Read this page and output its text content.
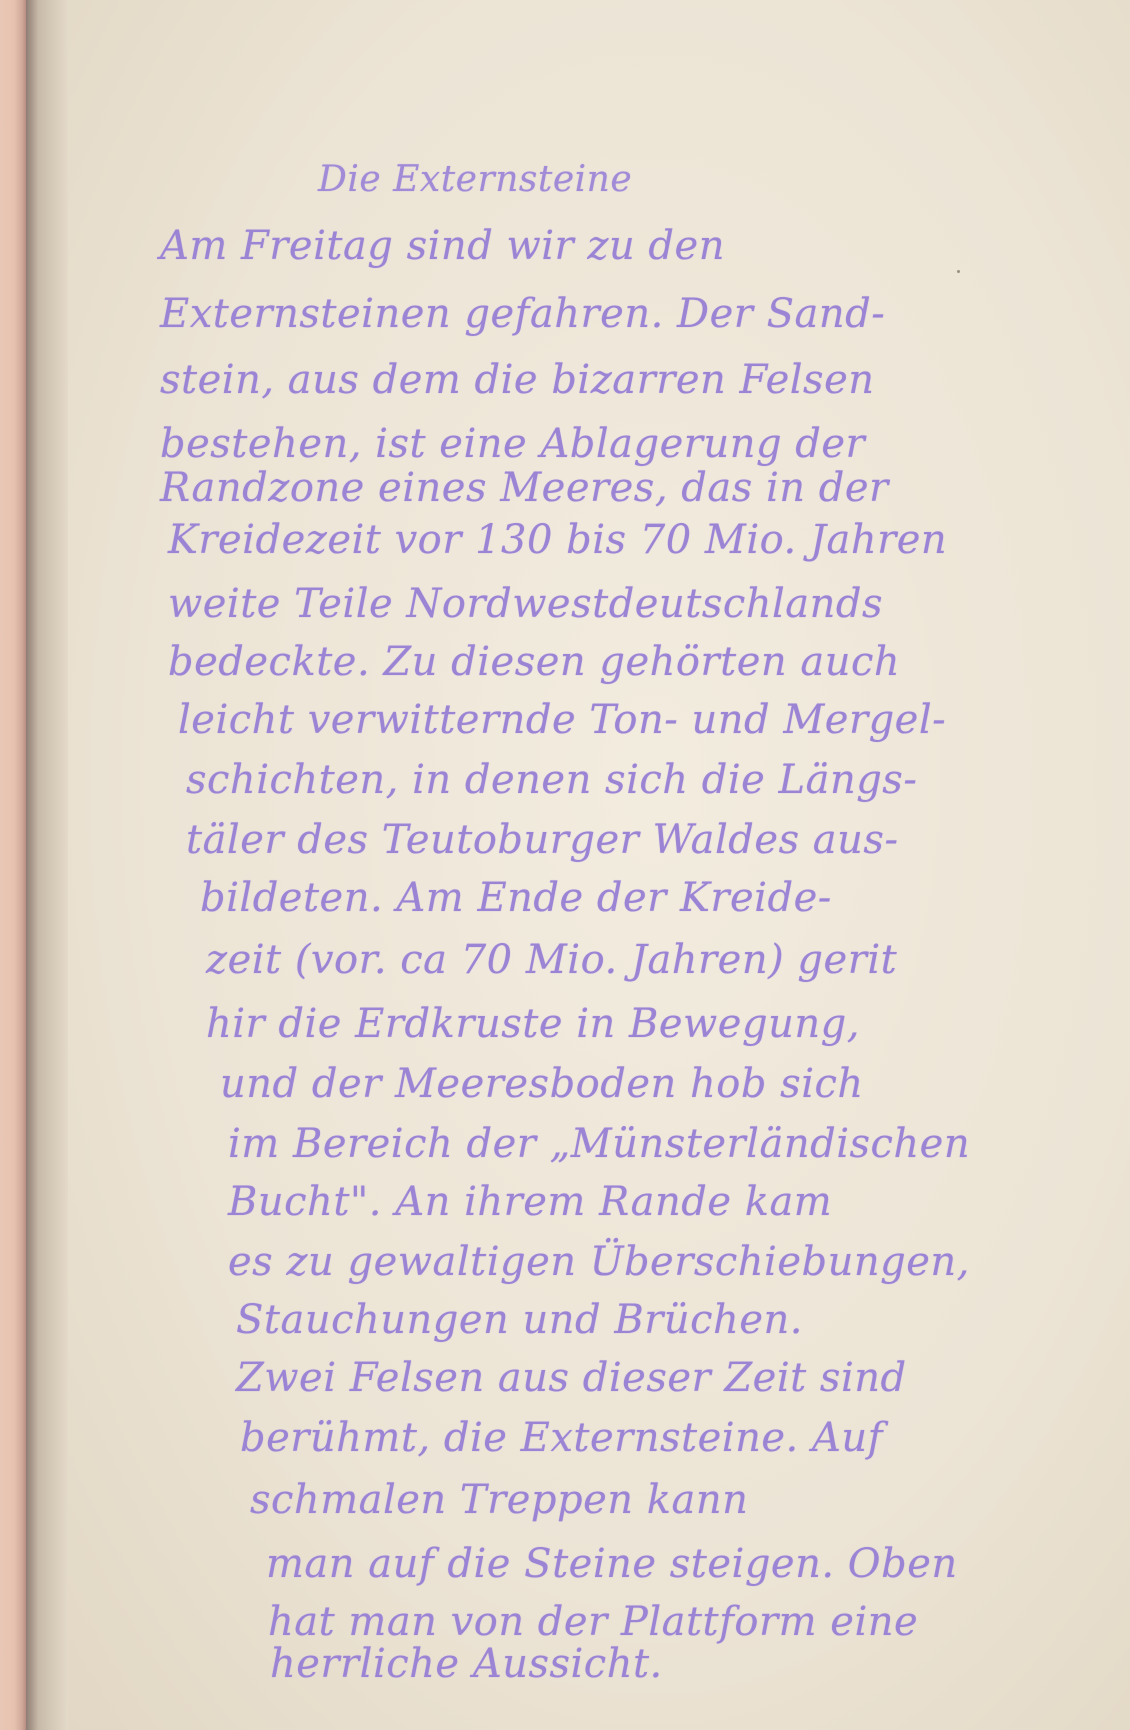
Die Externsteine

Am Freitag sind wir zu den

Externsteinen gefahren. Der Sand-

stein, aus dem die bizarren Felsen

bestehen, ist eine Ablagerung der

Randzone eines Meeres, das in der

Kreidezeit vor 130 bis 70 Mio. Jahren

weite Teile Nordwestdeutschlands

bedeckte. Zu diesen gehörten auch

leicht verwitternde Ton- und Mergel-

schichten, in denen sich die Längs-

täler des Teutoburger Waldes aus-

bildeten. Am Ende der Kreide-

zeit (vor. ca 70 Mio. Jahren) gerit

hir die Erdkruste in Bewegung,

und der Meeresboden hob sich

im Bereich der „Münsterländischen

Bucht". An ihrem Rande kam

es zu gewaltigen Überschiebungen,

Stauchungen und Brüchen.

Zwei Felsen aus dieser Zeit sind

berühmt, die Externsteine. Auf

schmalen Treppen kann

man auf die Steine steigen. Oben

hat man von der Plattform eine

herrliche Aussicht.
